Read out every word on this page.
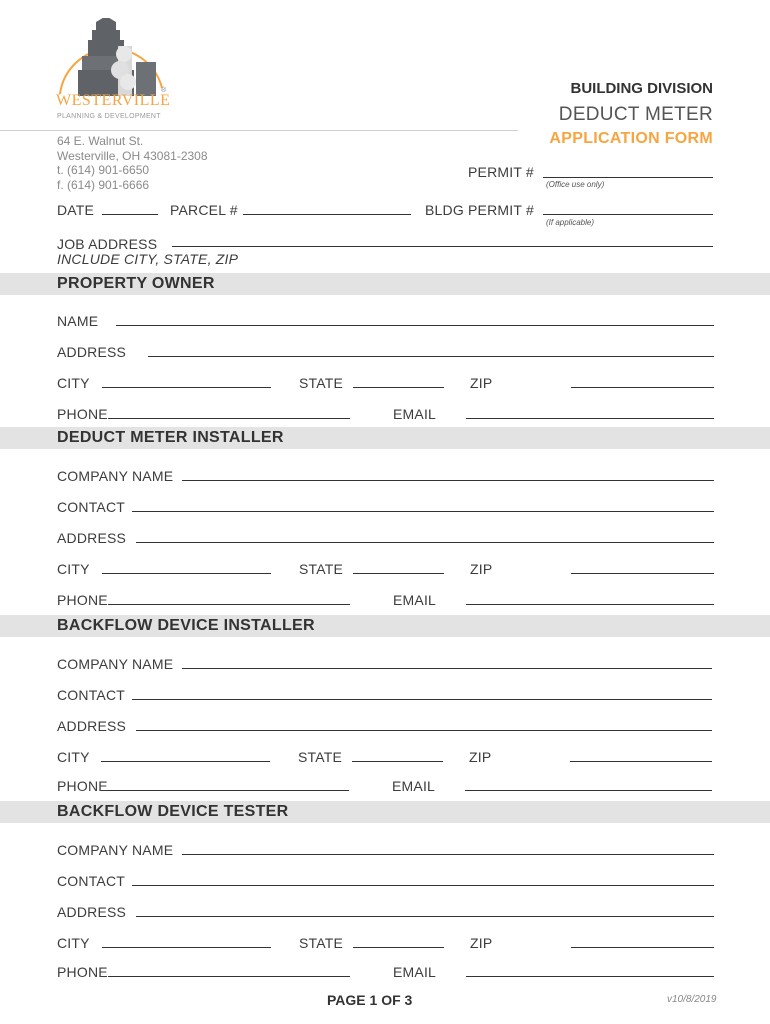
WESTERVILLE
®
PLANNING & DEVELOPMENT
64 E. Walnut St.
Westerville, OH 43081-2308
t. (614) 901-6650
f. (614) 901-6666
BUILDING DIVISION
DEDUCT METER
APPLICATION FORM
PERMIT #
(Office use only)
DATE	PARCEL #	BLDG PERMIT #
(If applicable)
JOB ADDRESS
INCLUDE CITY, STATE, ZIP
PROPERTY OWNER
NAME
ADDRESS
CITY	STATE	ZIP
PHONE	EMAIL
DEDUCT METER INSTALLER
COMPANY NAME
CONTACT
ADDRESS
CITY	STATE	ZIP
PHONE	EMAIL
BACKFLOW DEVICE INSTALLER
COMPANY NAME
CONTACT
ADDRESS
CITY	STATE	ZIP
PHONE	EMAIL
BACKFLOW DEVICE TESTER
COMPANY NAME
CONTACT
ADDRESS
CITY	STATE	ZIP
PHONE	EMAIL
PAGE 1 OF 3	v10/8/2019
